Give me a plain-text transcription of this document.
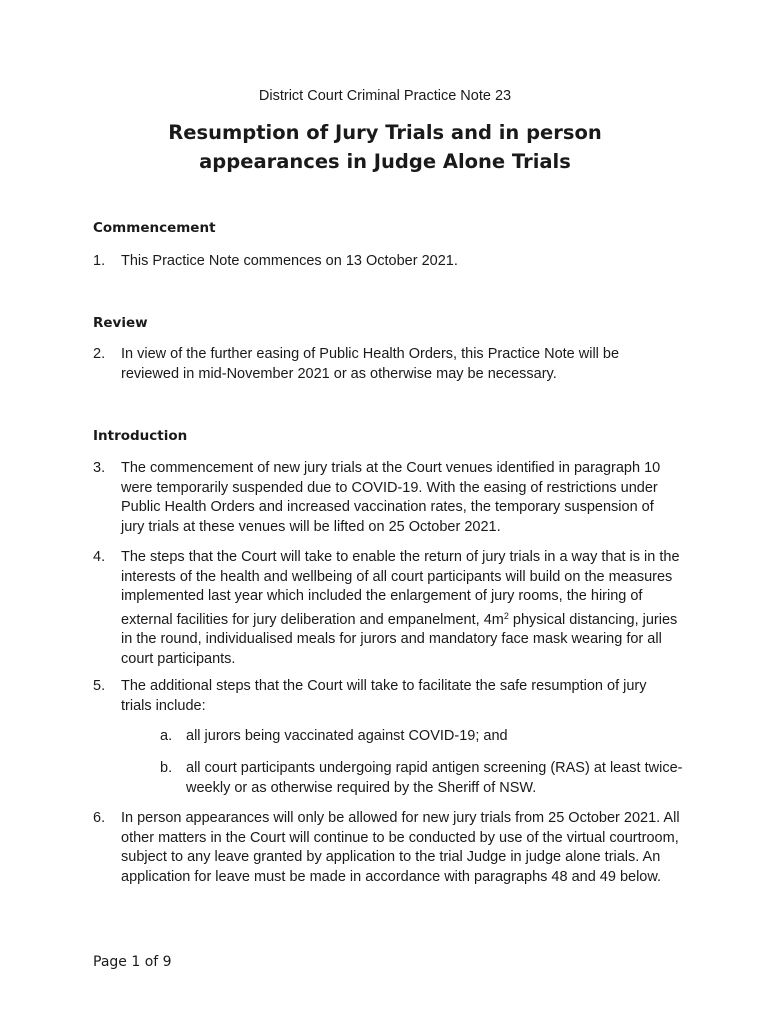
District Court Criminal Practice Note 23
Resumption of Jury Trials and in person
appearances in Judge Alone Trials
Commencement
1. This Practice Note commences on 13 October 2021.
Review
2. In view of the further easing of Public Health Orders, this Practice Note will be reviewed in mid-November 2021 or as otherwise may be necessary.
Introduction
3. The commencement of new jury trials at the Court venues identified in paragraph 10 were temporarily suspended due to COVID-19. With the easing of restrictions under Public Health Orders and increased vaccination rates, the temporary suspension of jury trials at these venues will be lifted on 25 October 2021.
4. The steps that the Court will take to enable the return of jury trials in a way that is in the interests of the health and wellbeing of all court participants will build on the measures implemented last year which included the enlargement of jury rooms, the hiring of external facilities for jury deliberation and empanelment, $4m^2$ physical distancing, juries in the round, individualised meals for jurors and mandatory face mask wearing for all court participants.
5. The additional steps that the Court will take to facilitate the safe resumption of jury trials include:
a. all jurors being vaccinated against COVID-19; and
b. all court participants undergoing rapid antigen screening (RAS) at least twice-weekly or as otherwise required by the Sheriff of NSW.
6. In person appearances will only be allowed for new jury trials from 25 October 2021. All other matters in the Court will continue to be conducted by use of the virtual courtroom, subject to any leave granted by application to the trial Judge in judge alone trials. An application for leave must be made in accordance with paragraphs 48 and 49 below.
Page 1 of 9
